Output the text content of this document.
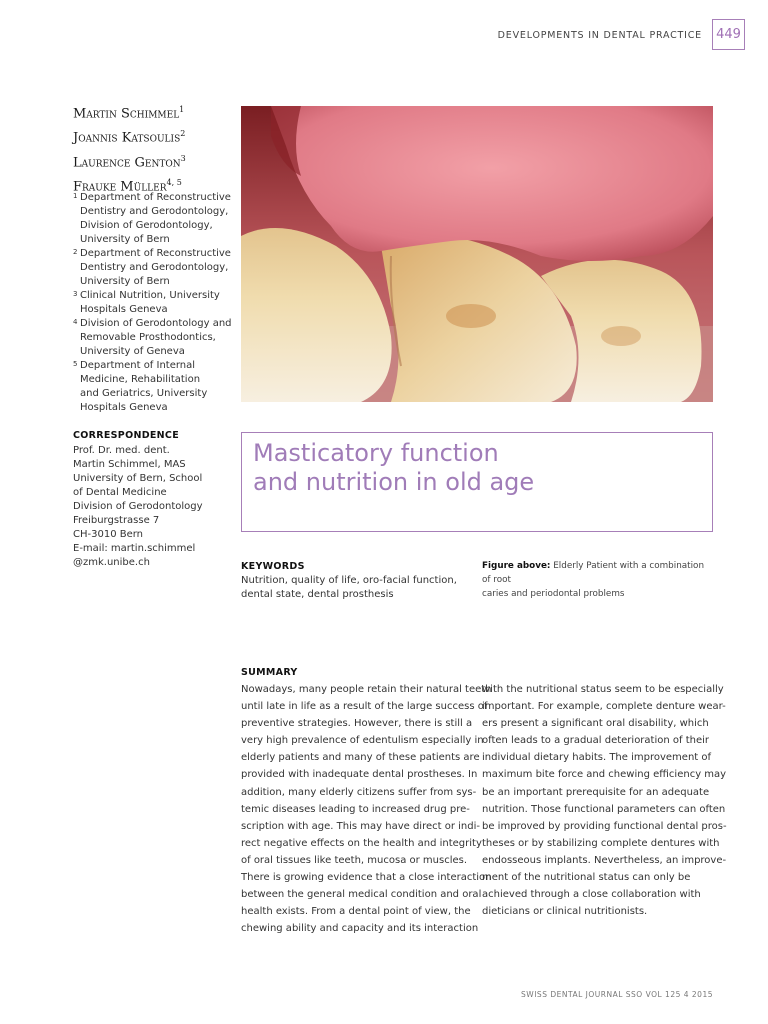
DEVELOPMENTS IN DENTAL PRACTICE 449
Martin Schimmel$^1$
Joannis Katsoulis$^2$
Laurence Genton$^3$
Frauke Müller$^{4, 5}$
1 Department of Reconstructive
Dentistry and Gerodontology,
Division of Gerodontology,
University of Bern
2 Department of Reconstructive
Dentistry and Gerodontology,
University of Bern
3 Clinical Nutrition, University
Hospitals Geneva
4 Division of Gerodontology and
Removable Prosthodontics,
University of Geneva
5 Department of Internal
Medicine, Rehabilitation
and Geriatrics, University
Hospitals Geneva
CORRESPONDENCE
Prof. Dr. med. dent.
Martin Schimmel, MAS
University of Bern, School
of Dental Medicine
Division of Gerodontology
Freiburgstrasse 7
CH-3010 Bern
E-mail: martin.schimmel
@zmk.unibe.ch
Masticatory function
and nutrition in old age
KEYWORDS
Nutrition, quality of life, oro-facial function,
dental state, dental prosthesis
Figure above: Elderly Patient with a combination of root
caries and periodontal problems
SUMMARY
Nowadays, many people retain their natural teeth
until late in life as a result of the large success of
preventive strategies. However, there is still a
very high prevalence of edentulism especially in
elderly patients and many of these patients are
provided with inadequate dental prostheses. In
addition, many elderly citizens suffer from sys-
temic diseases leading to increased drug pre-
scription with age. This may have direct or indi-
rect negative effects on the health and integrity
of oral tissues like teeth, mucosa or muscles.
There is growing evidence that a close interaction
between the general medical condition and oral
health exists. From a dental point of view, the
chewing ability and capacity and its interaction
with the nutritional status seem to be especially
important. For example, complete denture wear-
ers present a significant oral disability, which
often leads to a gradual deterioration of their
individual dietary habits. The improvement of
maximum bite force and chewing efficiency may
be an important prerequisite for an adequate
nutrition. Those functional parameters can often
be improved by providing functional dental pros-
theses or by stabilizing complete dentures with
endosseous implants. Nevertheless, an improve-
ment of the nutritional status can only be
achieved through a close collaboration with
dieticians or clinical nutritionists.
SWISS DENTAL JOURNAL SSO VOL 125 4 2015
